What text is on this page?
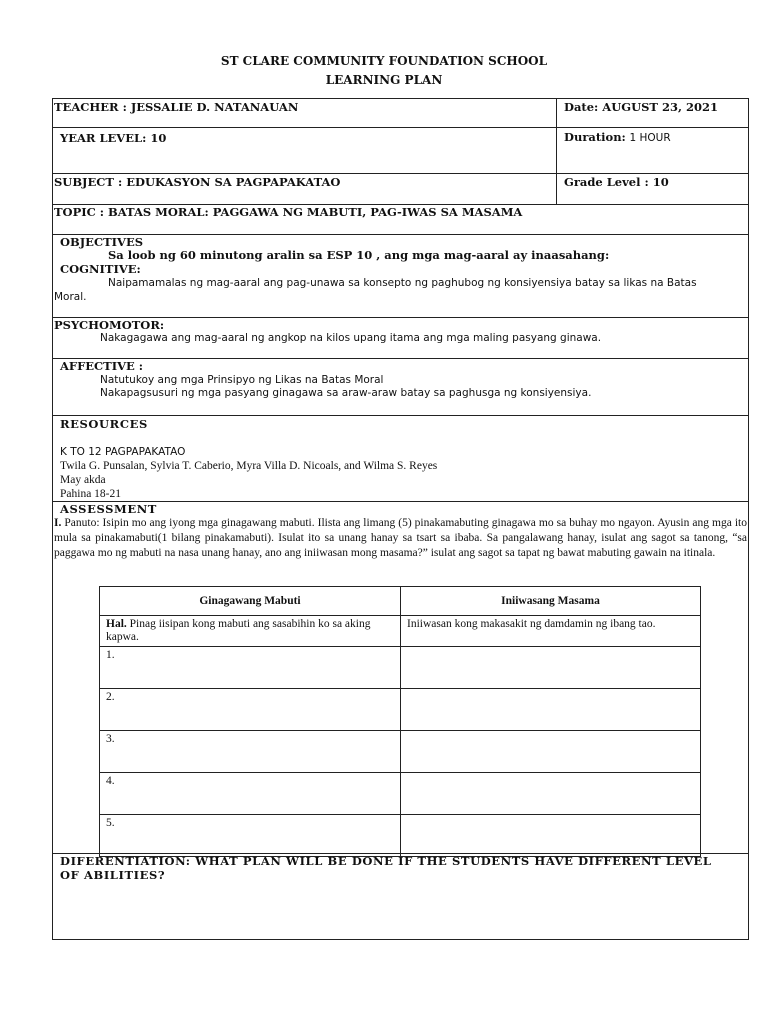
ST CLARE COMMUNITY FOUNDATION SCHOOL
LEARNING PLAN
TEACHER : JESSALIE D. NATANAUAN	Date: AUGUST 23, 2021
YEAR LEVEL: 10	Duration: 1 HOUR
SUBJECT : EDUKASYON SA PAGPAPAKATAO	Grade Level : 10
TOPIC : BATAS MORAL: PAGGAWA NG MABUTI, PAG-IWAS SA MASAMA
OBJECTIVES
Sa loob ng 60 minutong aralin sa ESP 10 , ang mga mag-aaral ay inaasahang:
COGNITIVE:
Naipamamalas ng mag-aaral ang pag-unawa sa konsepto ng paghubog ng konsiyensiya batay sa likas na Batas
Moral.
PSYCHOMOTOR:
Nakagagawa ang mag-aaral ng angkop na kilos upang itama ang mga maling pasyang ginawa.
AFFECTIVE :
Natutukoy ang mga Prinsipyo ng Likas na Batas Moral
Nakapagsusuri ng mga pasyang ginagawa sa araw-araw batay sa paghusga ng konsiyensiya.
RESOURCES
K TO 12 PAGPAPAKATAO
Twila G. Punsalan, Sylvia T. Caberio, Myra Villa D. Nicoals, and Wilma S. Reyes
May akda
Pahina 18-21
ASSESSMENT
I. Panuto: Isipin mo ang iyong mga ginagawang mabuti. Ilista ang limang (5) pinakamabuting ginagawa mo sa buhay mo ngayon. Ayusin ang mga ito mula sa pinakamabuti(1 bilang pinakamabuti). Isulat ito sa unang hanay sa tsart sa ibaba. Sa pangalawang hanay, isulat ang sagot sa tanong, “sa paggawa mo ng mabuti na nasa unang hanay, ano ang iniiwasan mong masama?” isulat ang sagot sa tapat ng bawat mabuting gawain na itinala.
Ginagawang Mabuti	Iniiwasang Masama
Hal. Pinag iisipan kong mabuti ang sasabihin ko sa aking kapwa.	Iniiwasan kong makasakit ng damdamin ng ibang tao.
1.	
2.	
3.	
4.	
5.	
DIFERENTIATION: WHAT PLAN WILL BE DONE IF THE STUDENTS HAVE DIFFERENT LEVEL
OF ABILITIES?
